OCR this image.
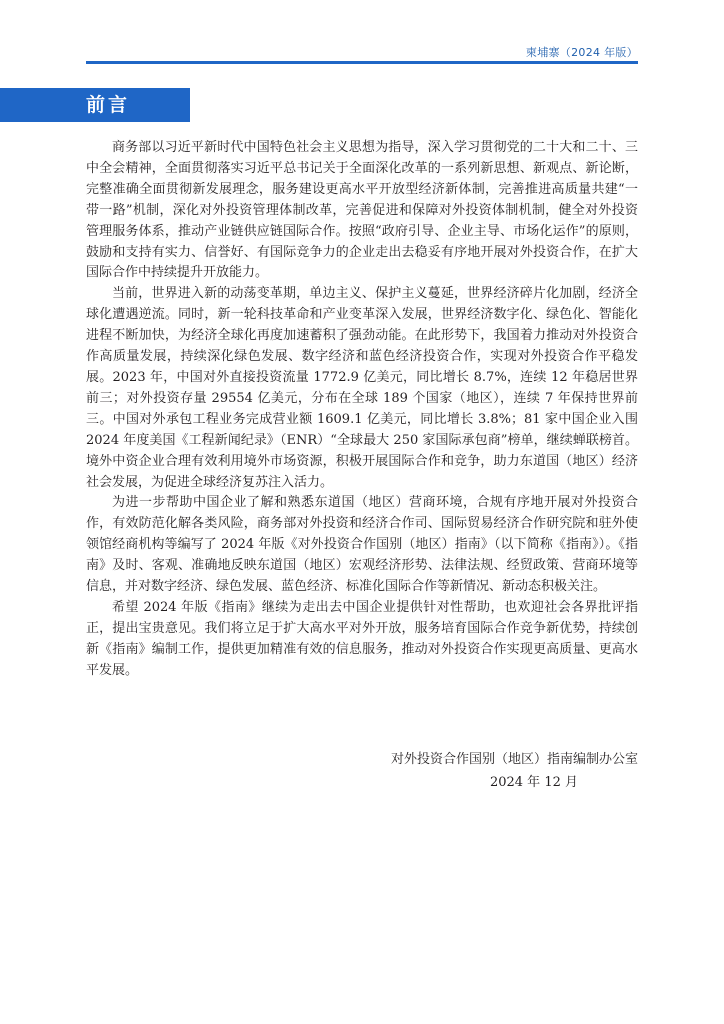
柬埔寨（2024 年版）
前言

商务部以习近平新时代中国特色社会主义思想为指导，深入学习贯彻党的二十大和二十、三中全会精神，全面贯彻落实习近平总书记关于全面深化改革的一系列新思想、新观点、新论断，完整准确全面贯彻新发展理念，服务建设更高水平开放型经济新体制，完善推进高质量共建“一带一路”机制，深化对外投资管理体制改革，完善促进和保障对外投资体制机制，健全对外投资管理服务体系，推动产业链供应链国际合作。按照“政府引导、企业主导、市场化运作”的原则，鼓励和支持有实力、信誉好、有国际竞争力的企业走出去稳妥有序地开展对外投资合作，在扩大国际合作中持续提升开放能力。

当前，世界进入新的动荡变革期，单边主义、保护主义蔓延，世界经济碎片化加剧，经济全球化遭遇逆流。同时，新一轮科技革命和产业变革深入发展，世界经济数字化、绿色化、智能化进程不断加快，为经济全球化再度加速蓄积了强劲动能。在此形势下，我国着力推动对外投资合作高质量发展，持续深化绿色发展、数字经济和蓝色经济投资合作，实现对外投资合作平稳发展。2023 年，中国对外直接投资流量 1772.9 亿美元，同比增长 8.7%，连续 12 年稳居世界前三；对外投资存量 29554 亿美元，分布在全球 189 个国家（地区），连续 7 年保持世界前三。中国对外承包工程业务完成营业额 1609.1 亿美元，同比增长 3.8%；81 家中国企业入围 2024 年度美国《工程新闻纪录》（ENR）“全球最大 250 家国际承包商”榜单，继续蝉联榜首。境外中资企业合理有效利用境外市场资源，积极开展国际合作和竞争，助力东道国（地区）经济社会发展，为促进全球经济复苏注入活力。

为进一步帮助中国企业了解和熟悉东道国（地区）营商环境，合规有序地开展对外投资合作，有效防范化解各类风险，商务部对外投资和经济合作司、国际贸易经济合作研究院和驻外使领馆经商机构等编写了 2024 年版《对外投资合作国别（地区）指南》（以下简称《指南》）。《指南》及时、客观、准确地反映东道国（地区）宏观经济形势、法律法规、经贸政策、营商环境等信息，并对数字经济、绿色发展、蓝色经济、标准化国际合作等新情况、新动态积极关注。

希望 2024 年版《指南》继续为走出去中国企业提供针对性帮助，也欢迎社会各界批评指正，提出宝贵意见。我们将立足于扩大高水平对外开放，服务培育国际合作竞争新优势，持续创新《指南》编制工作，提供更加精准有效的信息服务，推动对外投资合作实现更高质量、更高水平发展。

对外投资合作国别（地区）指南编制办公室
2024 年 12 月
